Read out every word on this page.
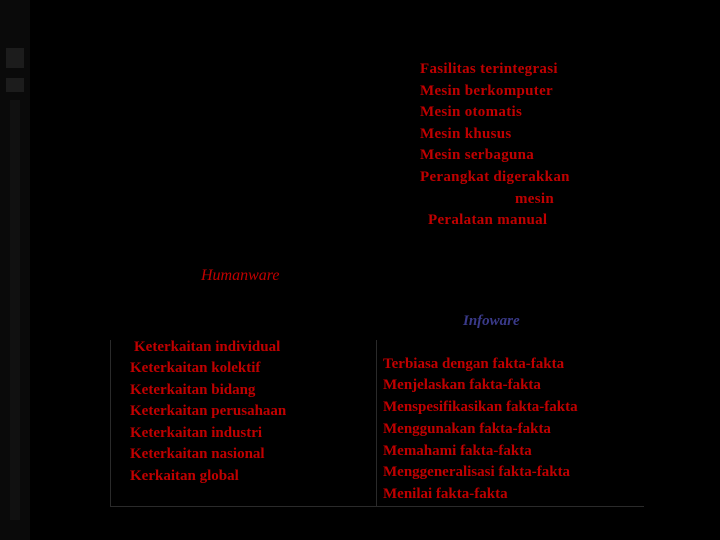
Kemampuan inovasi
Kemampuan meningkatkan
Kemampuan mengadaptasi
Kemampuan reproduksi
Kemampuan memperbaiki
Kemampuan mengeset
Kemampuan operasional
Humanware
Fasilitas terintegrasi
Mesin berkomputer
Mesin otomatis
Mesin khusus
Mesin serbaguna
Perangkat digerakkan
mesin
Peralatan manual
Technoware
Orgaware
Keterkaitan individual
Keterkaitan kolektif
Keterkaitan bidang
Keterkaitan perusahaan
Keterkaitan industri
Keterkaitan nasional
Kerkaitan global
Infoware
Terbiasa dengan fakta-fakta
Menjelaskan fakta-fakta
Menspesifikasikan fakta-fakta
Menggunakan fakta-fakta
Memahami fakta-fakta
Menggeneralisasi fakta-fakta
Menilai fakta-fakta
